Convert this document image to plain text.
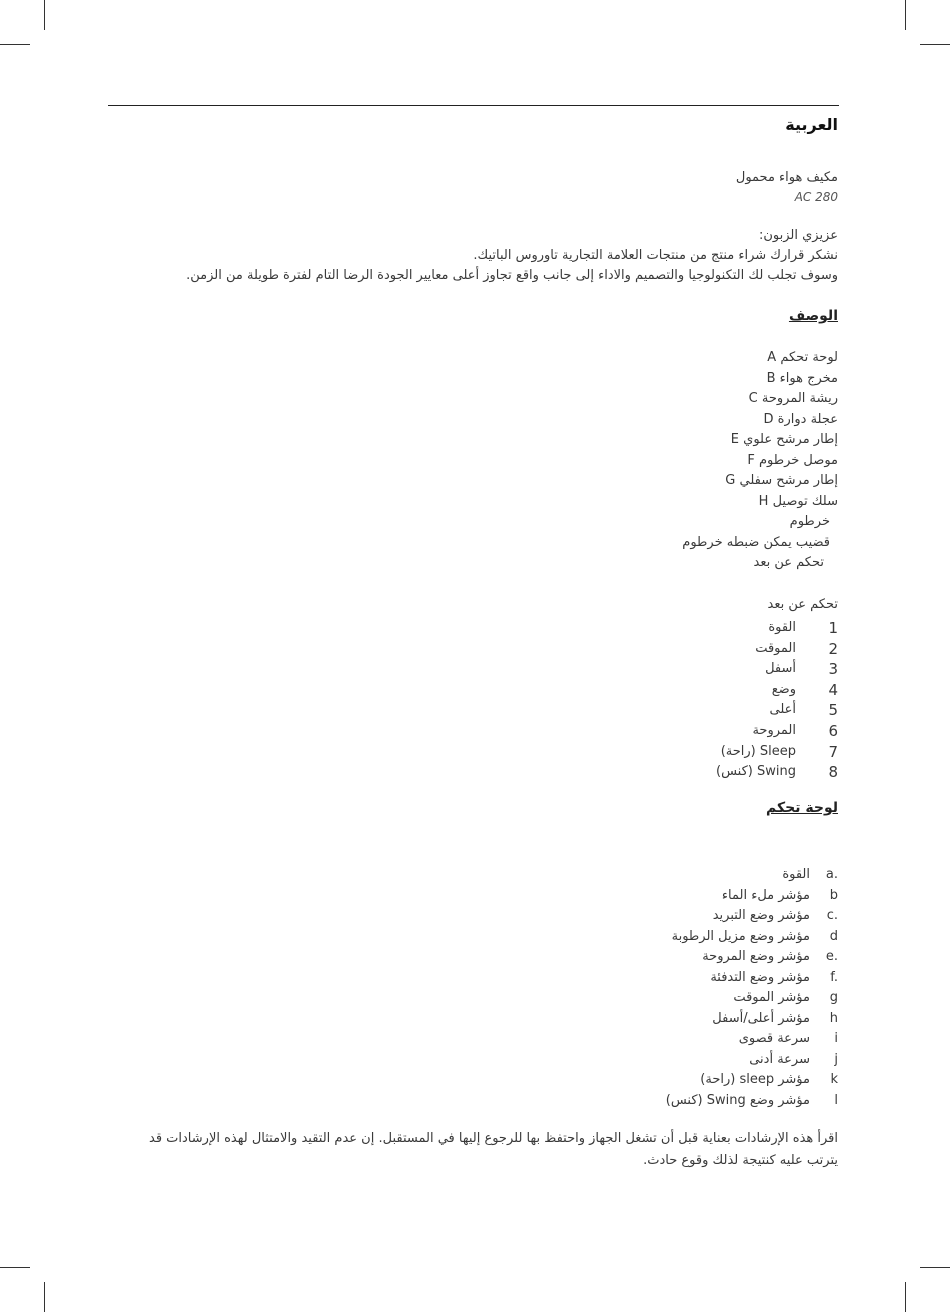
العربية
مكيف هواء محمول
AC 280
عزيزي الزبون:
نشكر قرارك شراء منتج من منتجات العلامة التجارية تاوروس الباتيك.
وسوف تجلب لك التكنولوجيا والتصميم والاداء إلى جانب واقع تجاوز أعلى معايير الجودة الرضا التام لفترة طويلة من الزمن.
الوصف
لوحة تحكم A
مخرج هواء B
ريشة المروحة C
عجلة دوارة D
إطار مرشح علوي E
موصل خرطوم F
إطار مرشح سفلي G
سلك توصيل H
خرطوم
قضيب يمكن ضبطه خرطوم
تحكم عن بعد
تحكم عن بعد
1
القوة
2
الموقت
3
أسفل
4
وضع
5
أعلى
6
المروحة
7
Sleep (راحة)
8
Swing (كنس)
لوحة تحكم
a.
القوة
b
مؤشر ملء الماء
c.
مؤشر وضع التبريد
d
مؤشر وضع مزيل الرطوبة
e.
مؤشر وضع المروحة
f.
مؤشر وضع التدفئة
g
مؤشر الموقت
h
مؤشر أعلى/أسفل
i
سرعة قصوى
j
سرعة أدنى
k
مؤشر sleep (راحة)
l
مؤشر وضع Swing (كنس)
اقرأ هذه الإرشادات بعناية قبل أن تشغل الجهاز واحتفظ بها للرجوع إليها في المستقبل. إن عدم التقيد والامتثال لهذه الإرشادات قد
يترتب عليه كنتيجة لذلك وقوع حادث.
